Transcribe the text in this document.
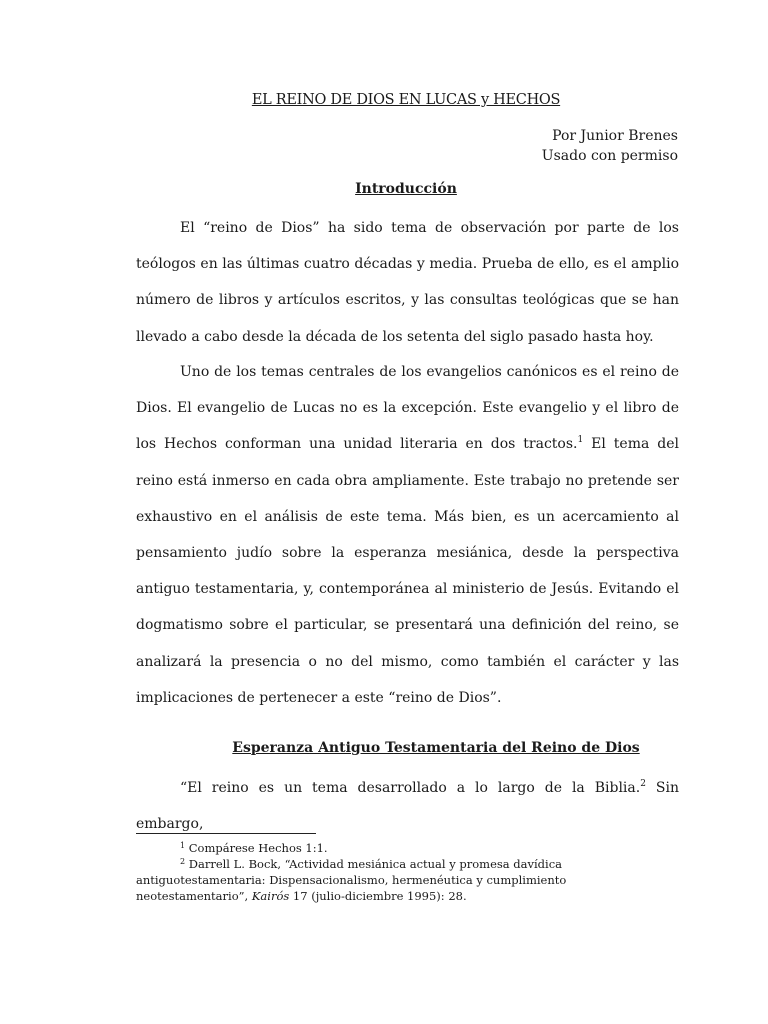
EL REINO DE DIOS EN LUCAS y HECHOS
Por Junior Brenes
Usado con permiso
Introducción

El “reino de Dios” ha sido tema de observación por parte de los teólogos en las últimas cuatro décadas y media. Prueba de ello, es el amplio número de libros y artículos escritos, y las consultas teológicas que se han llevado a cabo desde la década de los setenta del siglo pasado hasta hoy.

Uno de los temas centrales de los evangelios canónicos es el reino de Dios. El evangelio de Lucas no es la excepción. Este evangelio y el libro de los Hechos conforman una unidad literaria en dos tractos.$^1$ El tema del reino está inmerso en cada obra ampliamente. Este trabajo no pretende ser exhaustivo en el análisis de este tema. Más bien, es un acercamiento al pensamiento judío sobre la esperanza mesiánica, desde la perspectiva antiguo testamentaria, y, contemporánea al ministerio de Jesús. Evitando el dogmatismo sobre el particular, se presentará una definición del reino, se analizará la presencia o no del mismo, como también el carácter y las implicaciones de pertenecer a este “reino de Dios”.

Esperanza Antiguo Testamentaria del Reino de Dios

“El reino es un tema desarrollado a lo largo de la Biblia.$^2$ Sin embargo,

$^1$ Compárese Hechos 1:1.

$^2$ Darrell L. Bock, “Actividad mesiánica actual y promesa davídica antiguotestamentaria: Dispensacionalismo, hermenéutica y cumplimiento neotestamentario”, Kairós 17 (julio-diciembre 1995): 28.
